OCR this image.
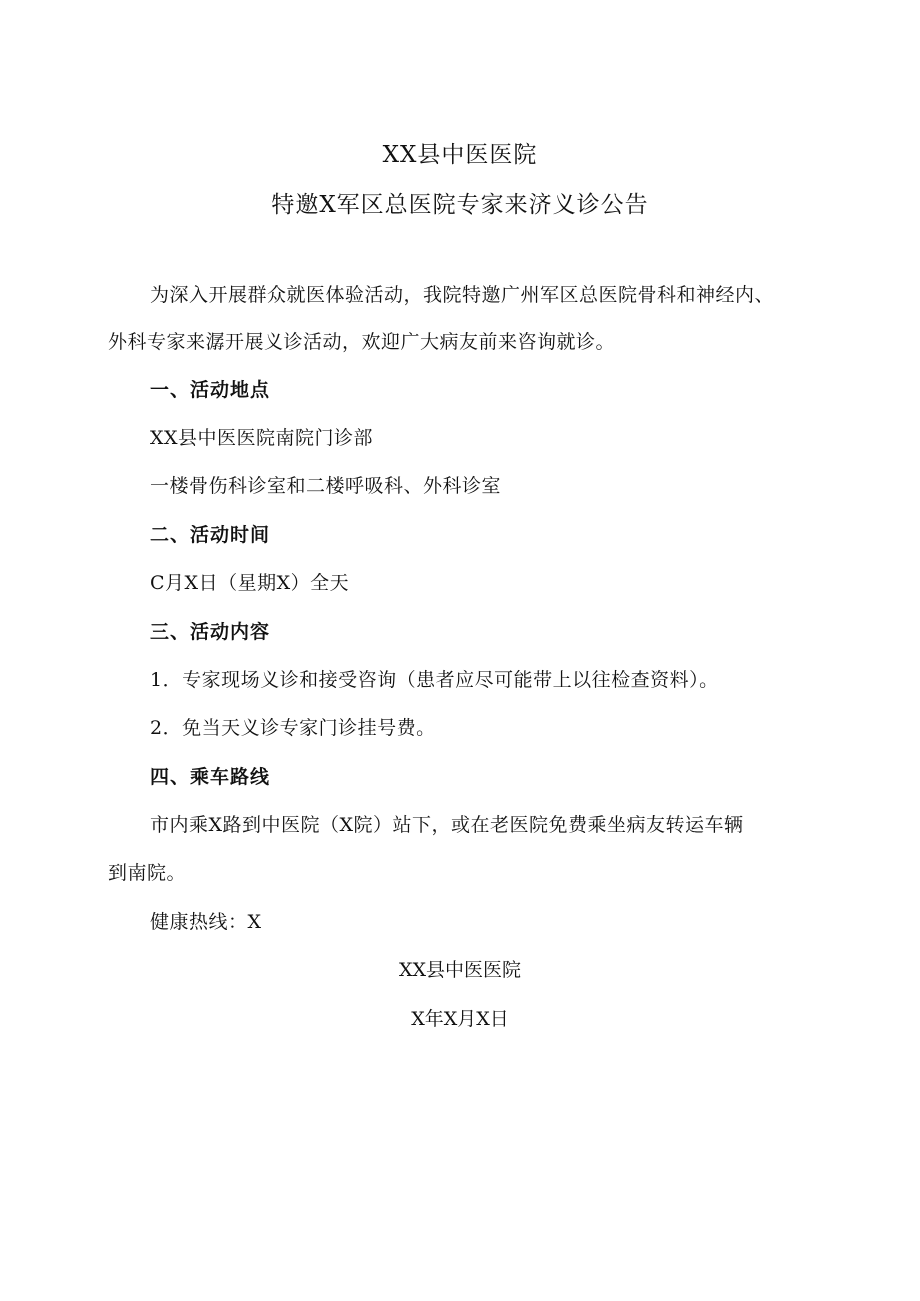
XX县中医医院
特邀X军区总医院专家来济义诊公告
为深入开展群众就医体验活动，我院特邀广州军区总医院骨科和神经内、
外科专家来潺开展义诊活动，欢迎广大病友前来咨询就诊。
一、活动地点
XX县中医医院南院门诊部
一楼骨伤科诊室和二楼呼吸科、外科诊室
二、活动时间
C月X日（星期X）全天
三、活动内容
1．专家现场义诊和接受咨询（患者应尽可能带上以往检查资料）。
2．免当天义诊专家门诊挂号费。
四、乘车路线
市内乘X路到中医院（X院）站下，或在老医院免费乘坐病友转运车辆
到南院。
健康热线：X
XX县中医医院
X年X月X日
